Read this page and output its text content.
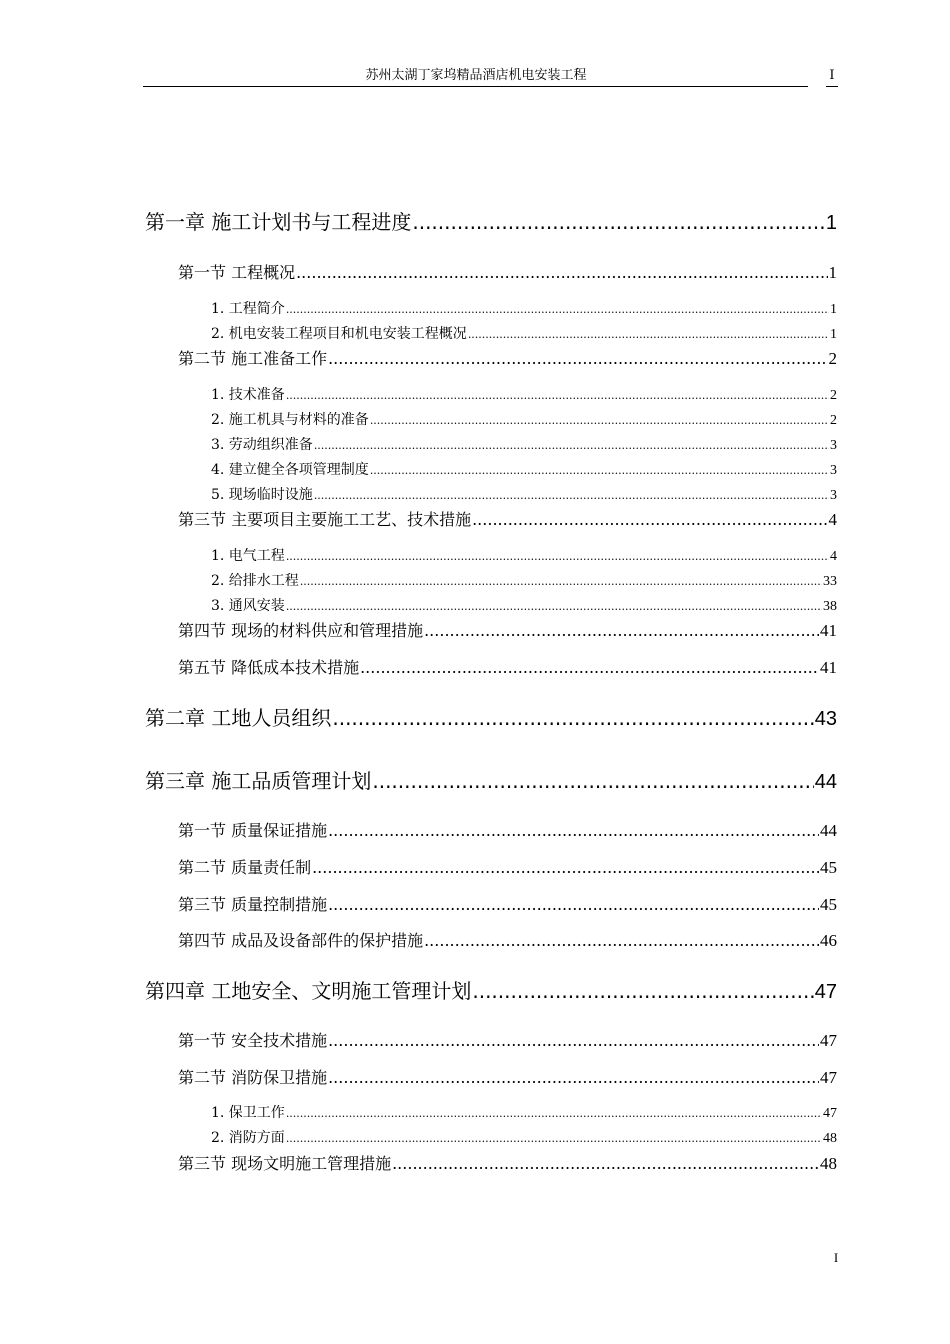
苏州太湖丁家坞精品酒店机电安装工程	I
第一章 施工计划书与工程进度 .....	1
第一节 工程概况 .....	1
1. 工程简介 .....	1
2. 机电安装工程项目和机电安装工程概况 .....	1
第二节 施工准备工作 .....	2
1. 技术准备 .....	2
2. 施工机具与材料的准备 .....	2
3. 劳动组织准备 .....	3
4. 建立健全各项管理制度 .....	3
5. 现场临时设施 .....	3
第三节 主要项目主要施工工艺、技术措施 .....	4
1. 电气工程 .....	4
2. 给排水工程 .....	33
3. 通风安装 .....	38
第四节 现场的材料供应和管理措施 .....	41
第五节 降低成本技术措施 .....	41
第二章 工地人员组织 .....	43
第三章 施工品质管理计划 .....	44
第一节 质量保证措施 .....	44
第二节 质量责任制 .....	45
第三节 质量控制措施 .....	45
第四节 成品及设备部件的保护措施 .....	46
第四章 工地安全、文明施工管理计划 .....	47
第一节 安全技术措施 .....	47
第二节 消防保卫措施 .....	47
1. 保卫工作 .....	47
2. 消防方面 .....	48
第三节 现场文明施工管理措施 .....	48
I
